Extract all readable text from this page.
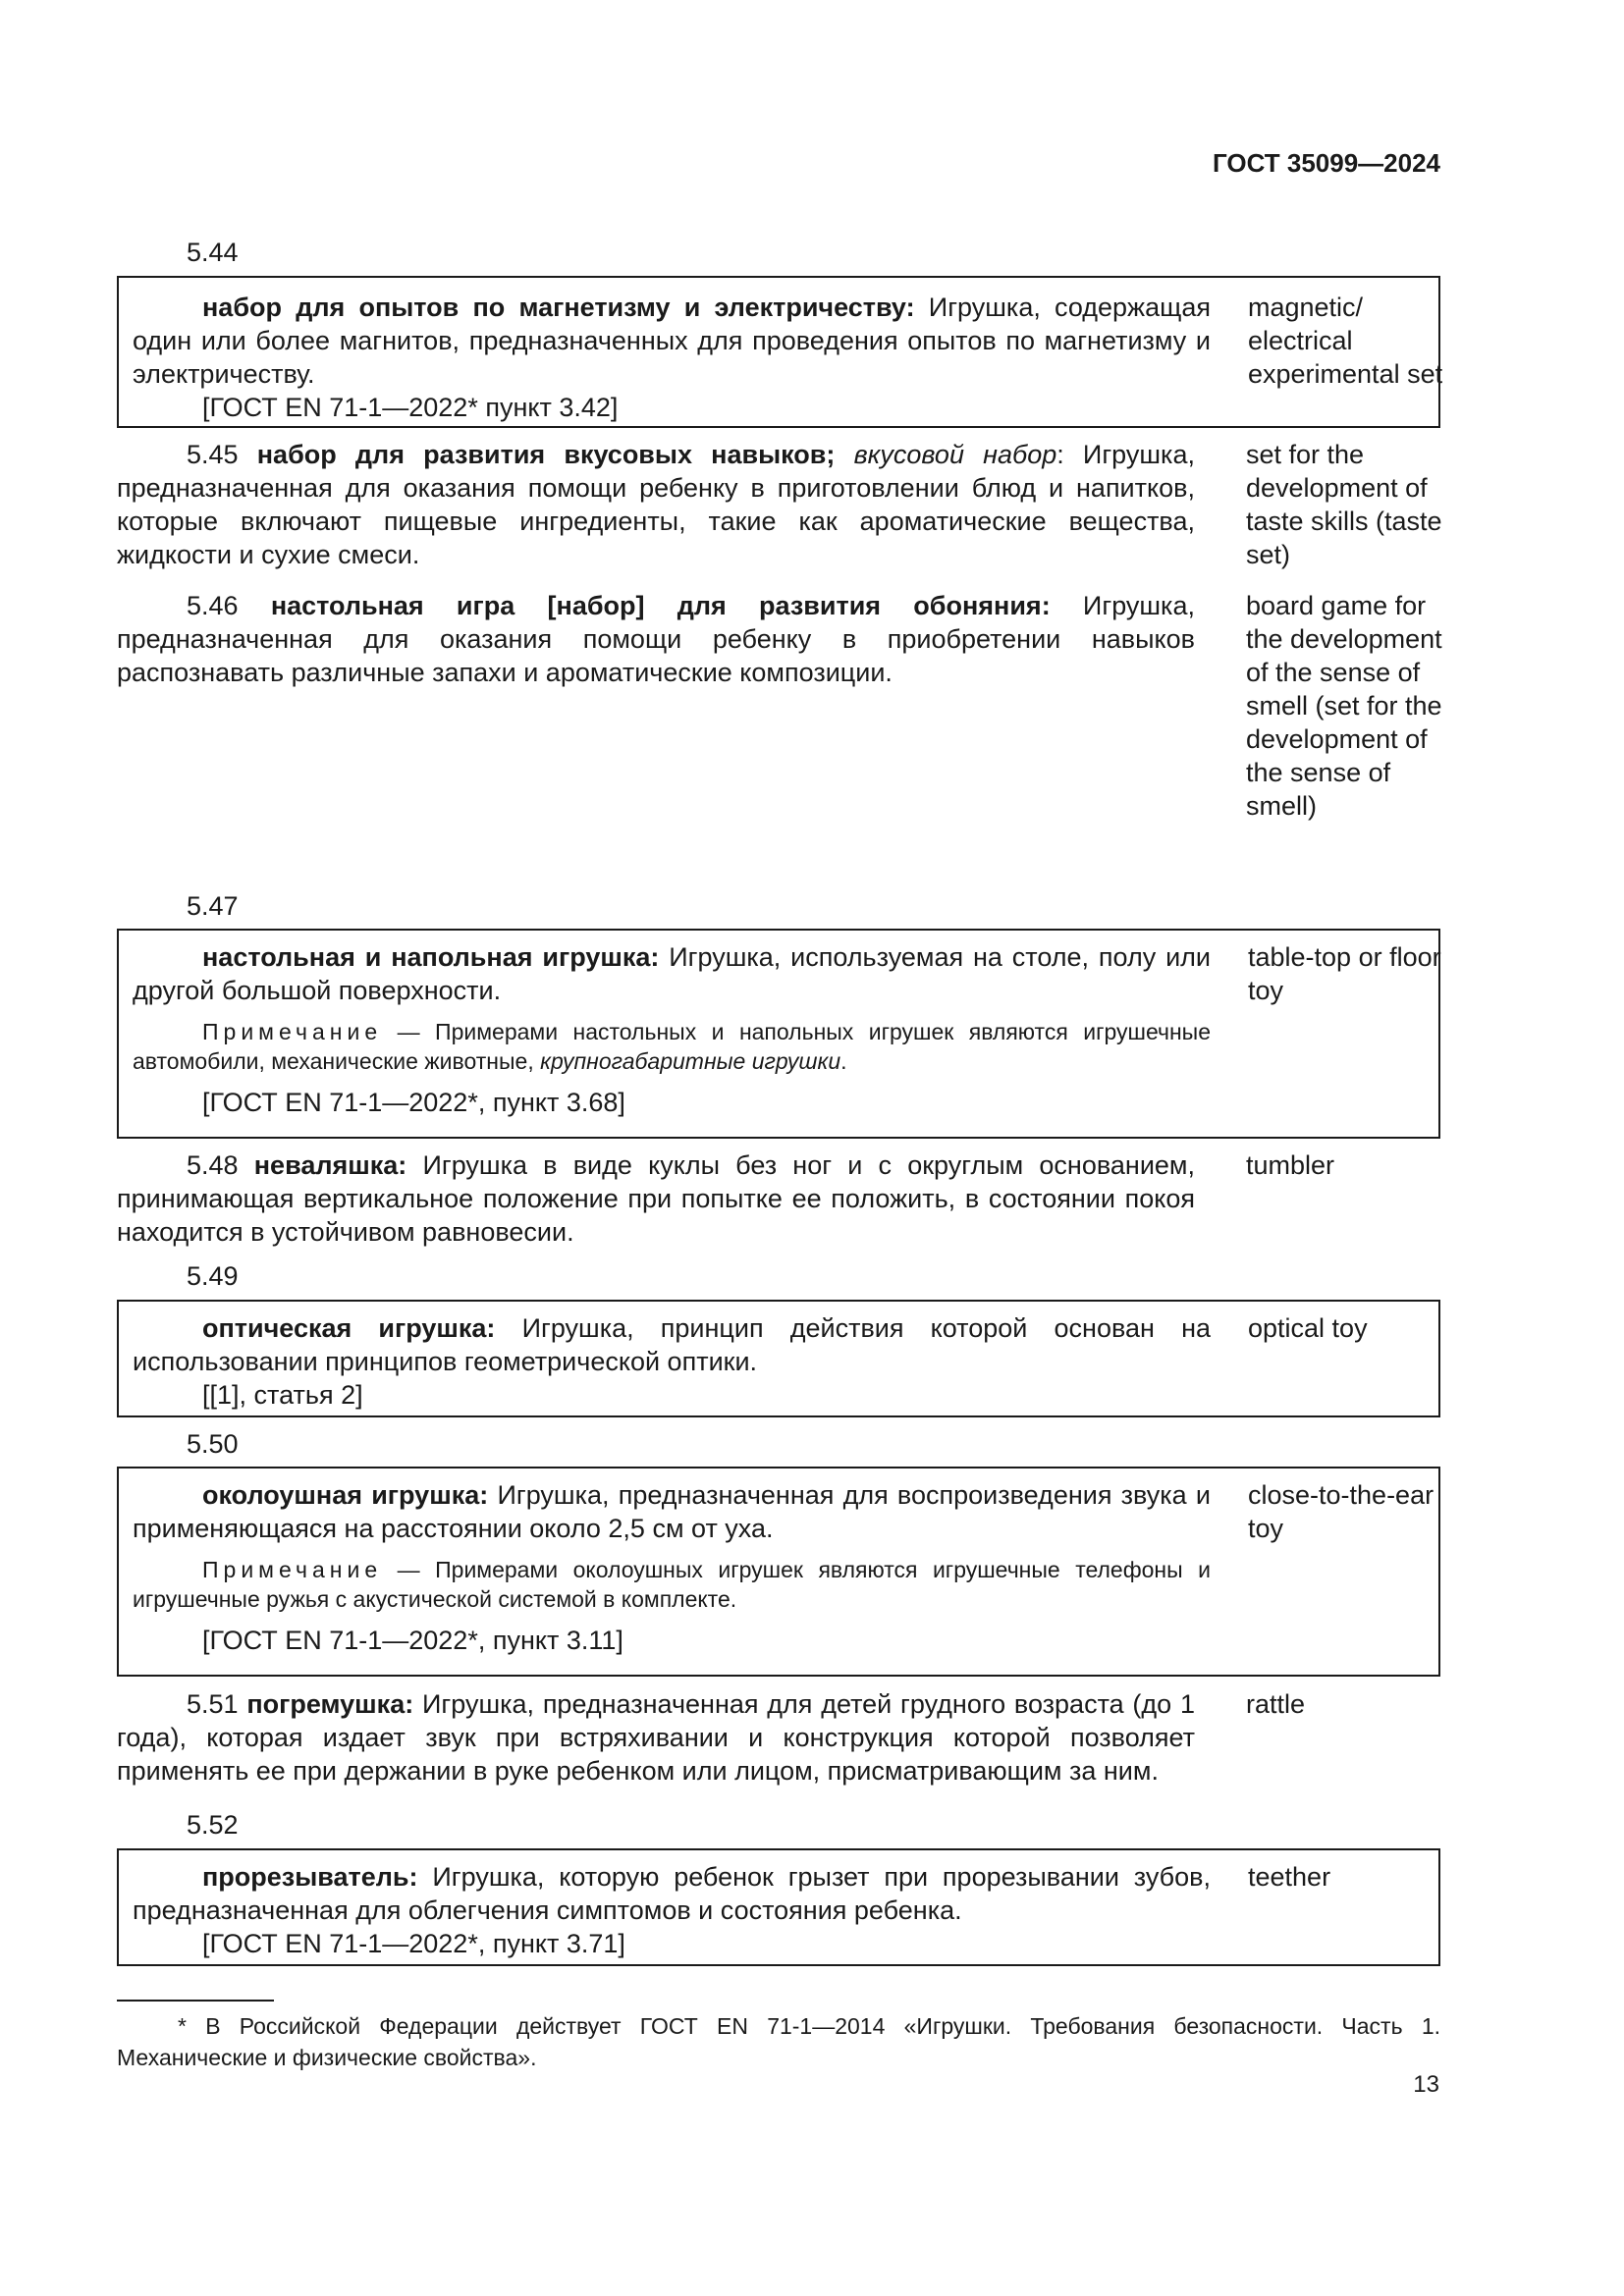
ГОСТ 35099—2024
5.44

набор для опытов по магнетизму и электричеству: Игрушка, содержащая один или более магнитов, предназначенных для проведения опытов по магнетизму и электричеству.

[ГОСТ EN 71-1—2022* пункт 3.42]

magnetic/ electrical experimental set

5.45 набор для развития вкусовых навыков; вкусовой набор: Игрушка, предназначенная для оказания помощи ребенку в приготовлении блюд и напитков, которые включают пищевые ингредиенты, такие как ароматические вещества, жидкости и сухие смеси.

set for the development of taste skills (taste set)

5.46 настольная игра [набор] для развития обоняния: Игрушка, предназначенная для оказания помощи ребенку в приобретении навыков распознавать различные запахи и ароматические композиции.

board game for the development of the sense of smell (set for the development of the sense of smell)
5.47

настольная и напольная игрушка: Игрушка, используемая на столе, полу или другой большой поверхности.

Примечание — Примерами настольных и напольных игрушек являются игрушечные автомобили, механические животные, крупногабаритные игрушки.

[ГОСТ EN 71-1—2022*, пункт 3.68]

table-top or floor toy

5.48 неваляшка: Игрушка в виде куклы без ног и с округлым основанием, принимающая вертикальное положение при попытке ее положить, в состоянии покоя находится в устойчивом равновесии.

tumbler
5.49

оптическая игрушка: Игрушка, принцип действия которой основан на использовании принципов геометрической оптики.

[[1], статья 2]

optical toy
5.50

околоушная игрушка: Игрушка, предназначенная для воспроизведения звука и применяющаяся на расстоянии около 2,5 см от уха.

Примечание — Примерами околоушных игрушек являются игрушечные телефоны и игрушечные ружья с акустической системой в комплекте.

[ГОСТ EN 71-1—2022*, пункт 3.11]

close-to-the-ear toy

5.51 погремушка: Игрушка, предназначенная для детей грудного возраста (до 1 года), которая издает звук при встряхивании и конструкция которой позволяет применять ее при держании в руке ребенком или лицом, присматривающим за ним.

rattle
5.52

прорезыватель: Игрушка, которую ребенок грызет при прорезывании зубов, предназначенная для облегчения симптомов и состояния ребенка.

[ГОСТ EN 71-1—2022*, пункт 3.71]

teether
* В Российской Федерации действует ГОСТ EN 71-1—2014 «Игрушки. Требования безопасности. Часть 1. Механические и физические свойства».
13
